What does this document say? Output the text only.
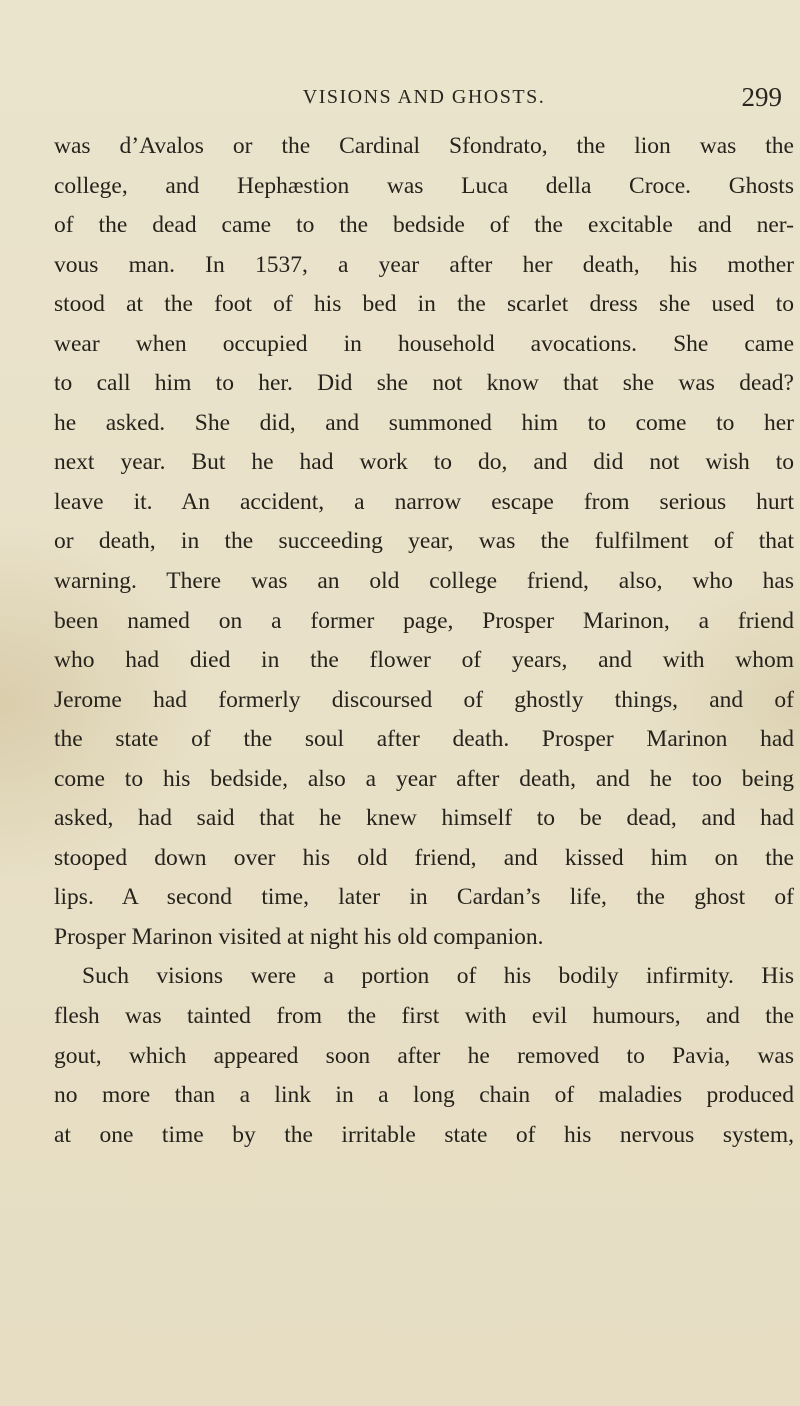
VISIONS AND GHOSTS.	299
was d’Avalos or the Cardinal Sfondrato, the lion was the
college, and Hephæstion was Luca della Croce. Ghosts
of the dead came to the bedside of the excitable and ner-
vous man. In 1537, a year after her death, his mother
stood at the foot of his bed in the scarlet dress she used to
wear when occupied in household avocations. She came
to call him to her. Did she not know that she was dead?
he asked. She did, and summoned him to come to her
next year. But he had work to do, and did not wish to
leave it. An accident, a narrow escape from serious hurt
or death, in the succeeding year, was the fulfilment of that
warning. There was an old college friend, also, who has
been named on a former page, Prosper Marinon, a friend
who had died in the flower of years, and with whom
Jerome had formerly discoursed of ghostly things, and of
the state of the soul after death. Prosper Marinon had
come to his bedside, also a year after death, and he too being
asked, had said that he knew himself to be dead, and had
stooped down over his old friend, and kissed him on the
lips. A second time, later in Cardan’s life, the ghost of
Prosper Marinon visited at night his old companion.
Such visions were a portion of his bodily infirmity. His
flesh was tainted from the first with evil humours, and the
gout, which appeared soon after he removed to Pavia, was
no more than a link in a long chain of maladies produced
at one time by the irritable state of his nervous system,
